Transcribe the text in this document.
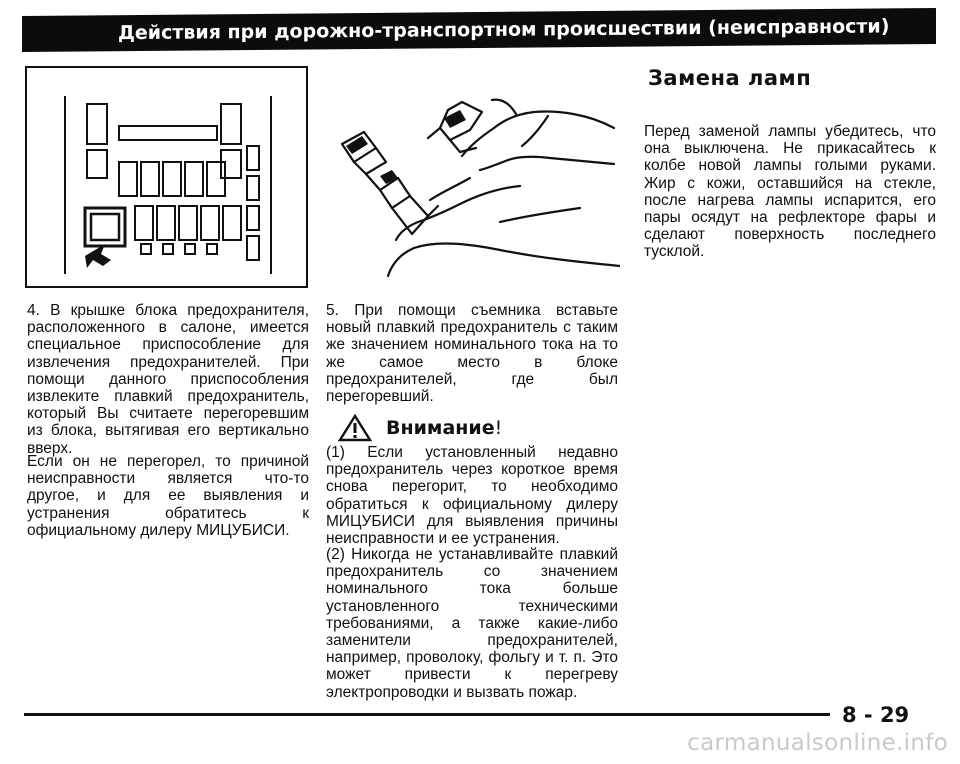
Действия при дорожно-транспортном происшествии (неисправности)
Замена ламп

Перед заменой лампы убедитесь, что она выключена. Не прикасайтесь к колбе новой лампы голыми руками. Жир с кожи, оставшийся на стекле, после нагрева лампы испарится, его пары осядут на рефлекторе фары и сделают поверхность последнего тусклой.

4. В крышке блока предохранителя, расположенного в салоне, имеется специальное приспособление для извлечения предохранителей. При помощи данного приспособления извлеките плавкий предохранитель, который Вы считаете перегоревшим из блока, вытягивая его вертикально вверх.

Если он не перегорел, то причиной неисправности является что-то другое, и для ее выявления и устранения обратитесь к официальному дилеру МИЦУБИСИ.

5. При помощи съемника вставьте новый плавкий предохранитель с таким же значением номинального тока на то же самое место в блоке предохранителей, где был перегоревший.

Внимание!

(1) Если установленный недавно предохранитель через короткое время снова перегорит, то необходимо обратиться к официальному дилеру МИЦУБИСИ для выявления причины неисправности и ее устранения.

(2) Никогда не устанавливайте плавкий предохранитель со значением номинального тока больше установленного техническими требованиями, а также какие-либо заменители предохранителей, например, проволоку, фольгу и т. п. Это может привести к перегреву электропроводки и вызвать пожар.

8 - 29
carmanualsonline.info
